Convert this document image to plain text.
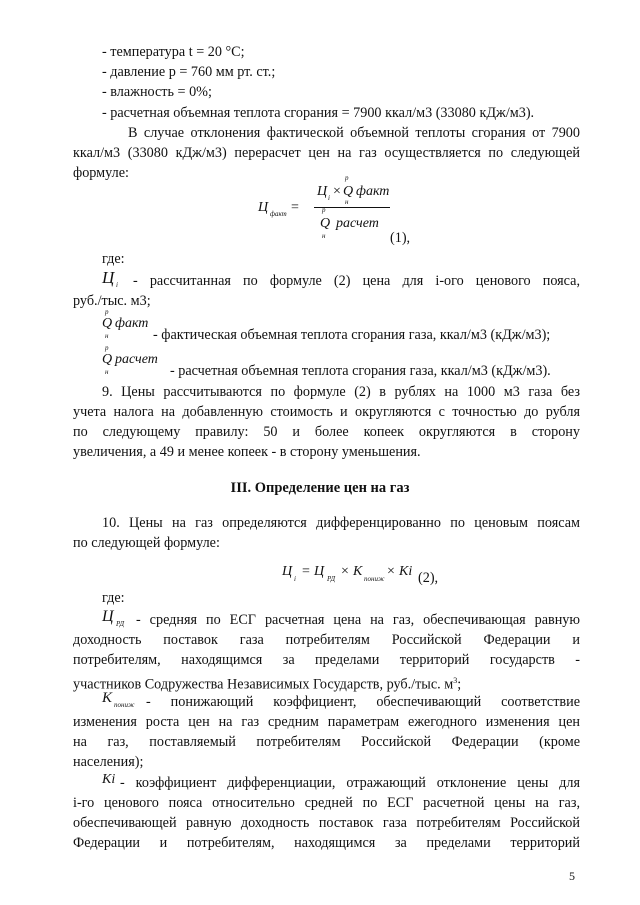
- температура t = 20 °С;
- давление р = 760 мм рт. ст.;
- влажность = 0%;
- расчетная объемная теплота сгорания = 7900 ккал/м3 (33080 кДж/м3).
В случае отклонения фактической объемной теплоты сгорания от 7900
ккал/м3 (33080 кДж/м3) перерасчет цен на газ осуществляется по следующей
формуле:
Ц факт =
Ц i ×
р
Q
н
факт
р
Q
н
расчет
(1),
где:
Ц i - рассчитанная по формуле (2) цена для i-ого ценового пояса,
руб./тыс. м3;
р
Q
н
факт
- фактическая объемная теплота сгорания газа, ккал/м3 (кДж/м3);
р
Q
н
расчет
- расчетная объемная теплота сгорания газа, ккал/м3 (кДж/м3).
9. Цены рассчитываются по формуле (2) в рублях на 1000 м3 газа без
учета налога на добавленную стоимость и округляются с точностью до рубля
по следующему правилу: 50 и более копеек округляются в сторону
увеличения, а 49 и менее копеек - в сторону уменьшения.
III. Определение цен на газ
10. Цены на газ определяются дифференцированно по ценовым поясам
по следующей формуле:
Ц i = Ц РД × K пониж × Ki (2),
где:
Ц РД - средняя по ЕСГ расчетная цена на газ, обеспечивающая равную
доходность поставок газа потребителям Российской Федерации и
потребителям, находящимся за пределами территорий государств -
участников Содружества Независимых Государств, руб./тыс. $м^3$;
K пониж - понижающий коэффициент, обеспечивающий соответствие
изменения роста цен на газ средним параметрам ежегодного изменения цен
на газ, поставляемый потребителям Российской Федерации (кроме
населения);
Ki - коэффициент дифференциации, отражающий отклонение цены для
i-го ценового пояса относительно средней по ЕСГ расчетной цены на газ,
обеспечивающей равную доходность поставок газа потребителям Российской
Федерации и потребителям, находящимся за пределами территорий
5
